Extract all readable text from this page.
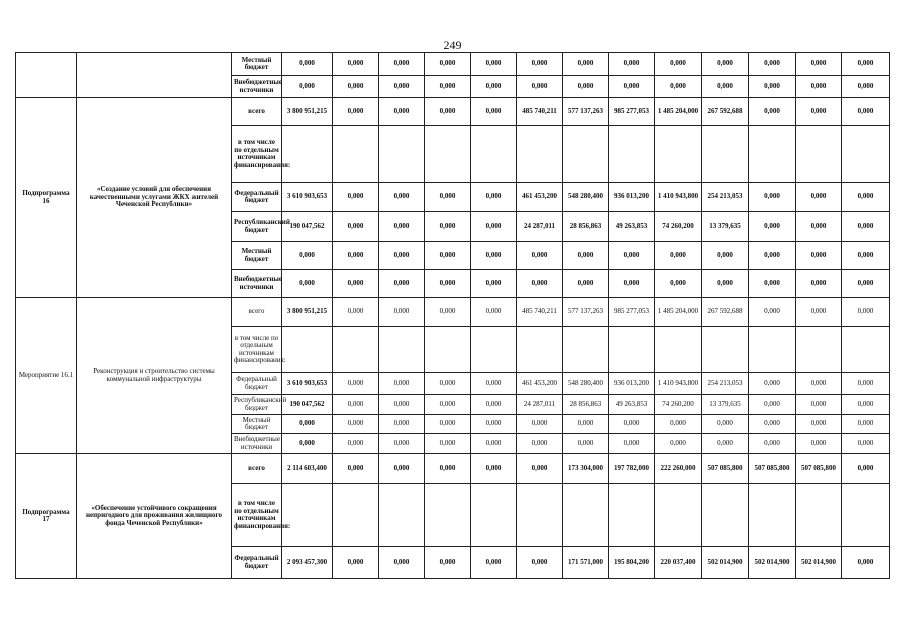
249
		Местный бюджет	0,000	0,000	0,000	0,000	0,000	0,000	0,000	0,000	0,000	0,000	0,000	0,000	0,000
		Внебюджетные источники	0,000	0,000	0,000	0,000	0,000	0,000	0,000	0,000	0,000	0,000	0,000	0,000	0,000
Подпрограмма 16	«Создание условий для обеспечения качественными услугами ЖКХ жителей Чеченской Республики»	всего	3 800 951,215	0,000	0,000	0,000	0,000	485 740,211	577 137,263	985 277,053	1 485 204,000	267 592,688	0,000	0,000	0,000
		в том числе по отдельным источникам финансирования:													
		Федеральный бюджет	3 610 903,653	0,000	0,000	0,000	0,000	461 453,200	548 280,400	936 013,200	1 410 943,800	254 213,053	0,000	0,000	0,000
		Республиканский бюджет	190 047,562	0,000	0,000	0,000	0,000	24 287,011	28 856,863	49 263,853	74 260,200	13 379,635	0,000	0,000	0,000
		Местный бюджет	0,000	0,000	0,000	0,000	0,000	0,000	0,000	0,000	0,000	0,000	0,000	0,000	0,000
		Внебюджетные источники	0,000	0,000	0,000	0,000	0,000	0,000	0,000	0,000	0,000	0,000	0,000	0,000	0,000
Мероприятие 16.1	Реконструкция и строительство системы коммунальной инфраструктуры	всего	3 800 951,215	0,000	0,000	0,000	0,000	485 740,211	577 137,263	985 277,053	1 485 204,000	267 592,688	0,000	0,000	0,000
		в том числе по отдельным источникам финансирования:													
		Федеральный бюджет	3 610 903,653	0,000	0,000	0,000	0,000	461 453,200	548 280,400	936 013,200	1 410 943,800	254 213,053	0,000	0,000	0,000
		Республиканский бюджет	190 047,562	0,000	0,000	0,000	0,000	24 287,011	28 856,863	49 263,853	74 260,200	13 379,635	0,000	0,000	0,000
		Местный бюджет	0,000	0,000	0,000	0,000	0,000	0,000	0,000	0,000	0,000	0,000	0,000	0,000	0,000
		Внебюджетные источники	0,000	0,000	0,000	0,000	0,000	0,000	0,000	0,000	0,000	0,000	0,000	0,000	0,000
Подпрограмма 17	«Обеспечение устойчивого сокращения непригодного для проживания жилищного фонда Чеченской Республики»	всего	2 114 603,400	0,000	0,000	0,000	0,000	0,000	173 304,000	197 782,000	222 260,000	507 085,800	507 085,800	507 085,800	0,000
		в том числе по отдельным источникам финансирования:													
		Федеральный бюджет	2 093 457,300	0,000	0,000	0,000	0,000	0,000	171 571,000	195 804,200	220 037,400	502 014,900	502 014,900	502 014,900	0,000
